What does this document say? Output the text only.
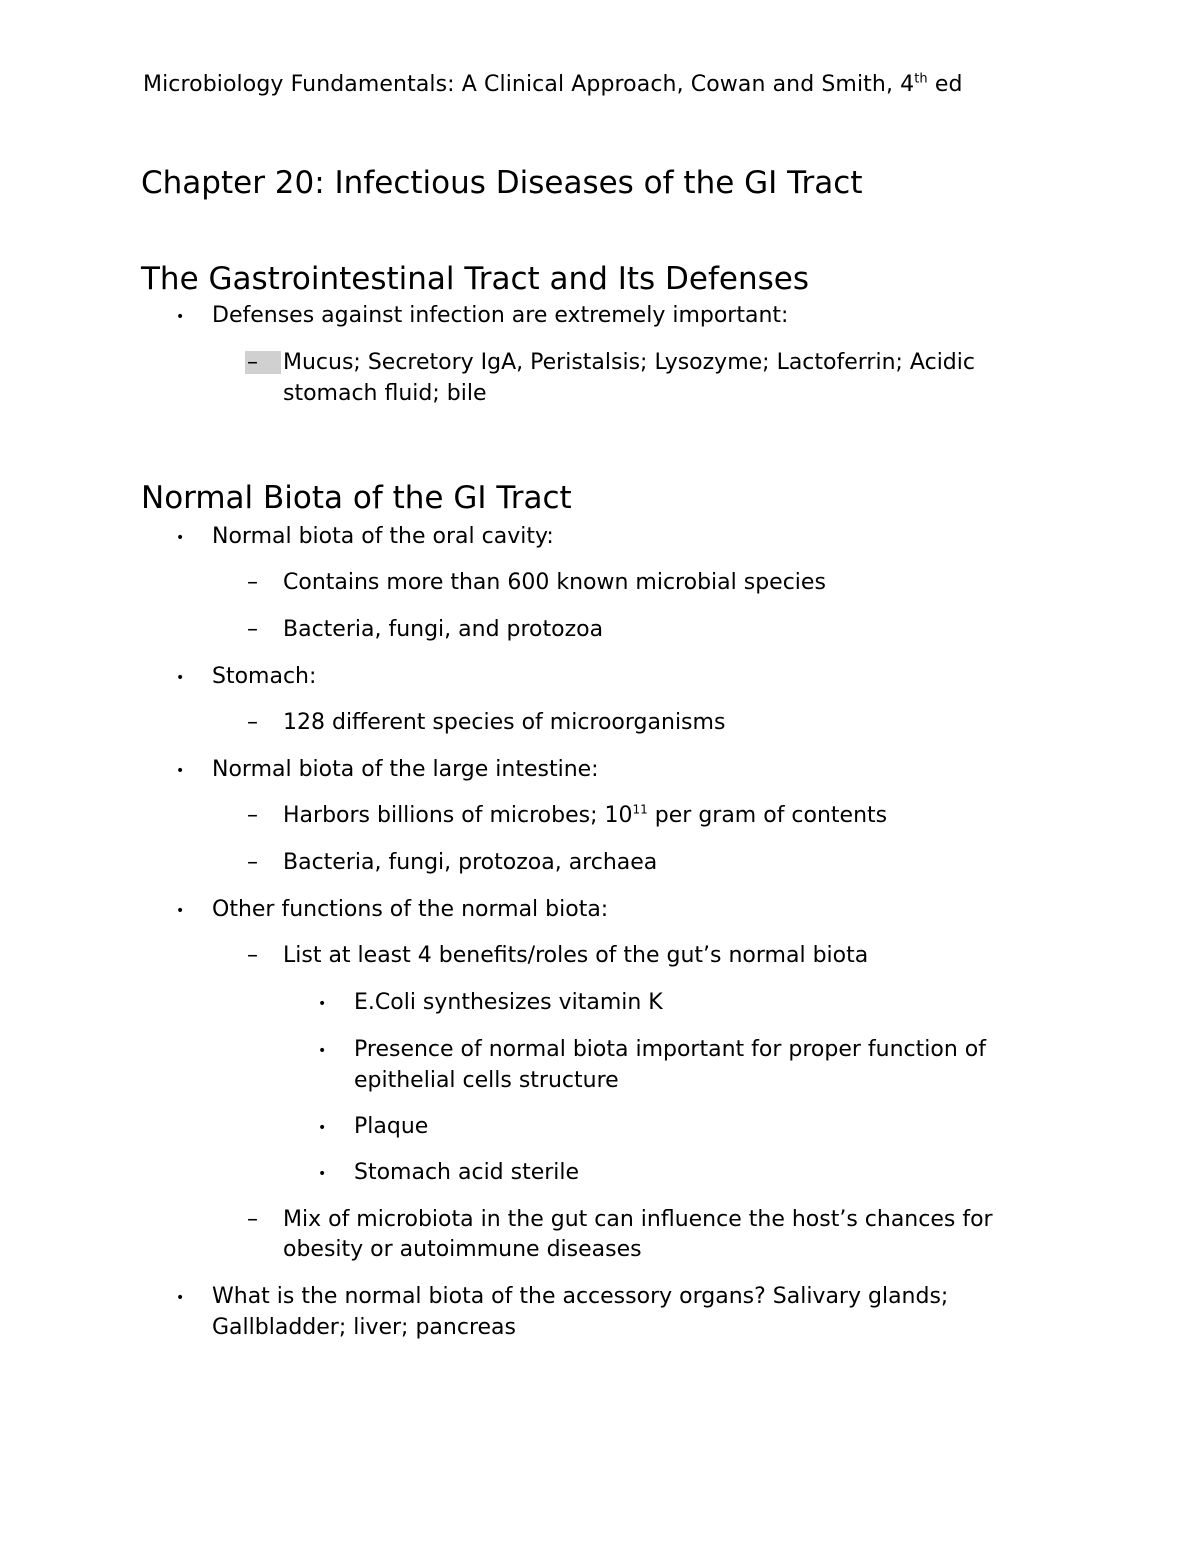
Microbiology Fundamentals: A Clinical Approach, Cowan and Smith, 4th ed
Chapter 20: Infectious Diseases of the GI Tract
The Gastrointestinal Tract and Its Defenses
• Defenses against infection are extremely important:
– Mucus; Secretory IgA, Peristalsis; Lysozyme; Lactoferrin; Acidic
stomach fluid; bile
Normal Biota of the GI Tract
• Normal biota of the oral cavity:
– Contains more than 600 known microbial species
– Bacteria, fungi, and protozoa
• Stomach:
– 128 different species of microorganisms
• Normal biota of the large intestine:
– Harbors billions of microbes; $10^{11}$ per gram of contents
– Bacteria, fungi, protozoa, archaea
• Other functions of the normal biota:
– List at least 4 benefits/roles of the gut’s normal biota
• E.Coli synthesizes vitamin K
• Presence of normal biota important for proper function of
epithelial cells structure
• Plaque
• Stomach acid sterile
– Mix of microbiota in the gut can influence the host’s chances for
obesity or autoimmune diseases
• What is the normal biota of the accessory organs? Salivary glands;
Gallbladder; liver; pancreas
